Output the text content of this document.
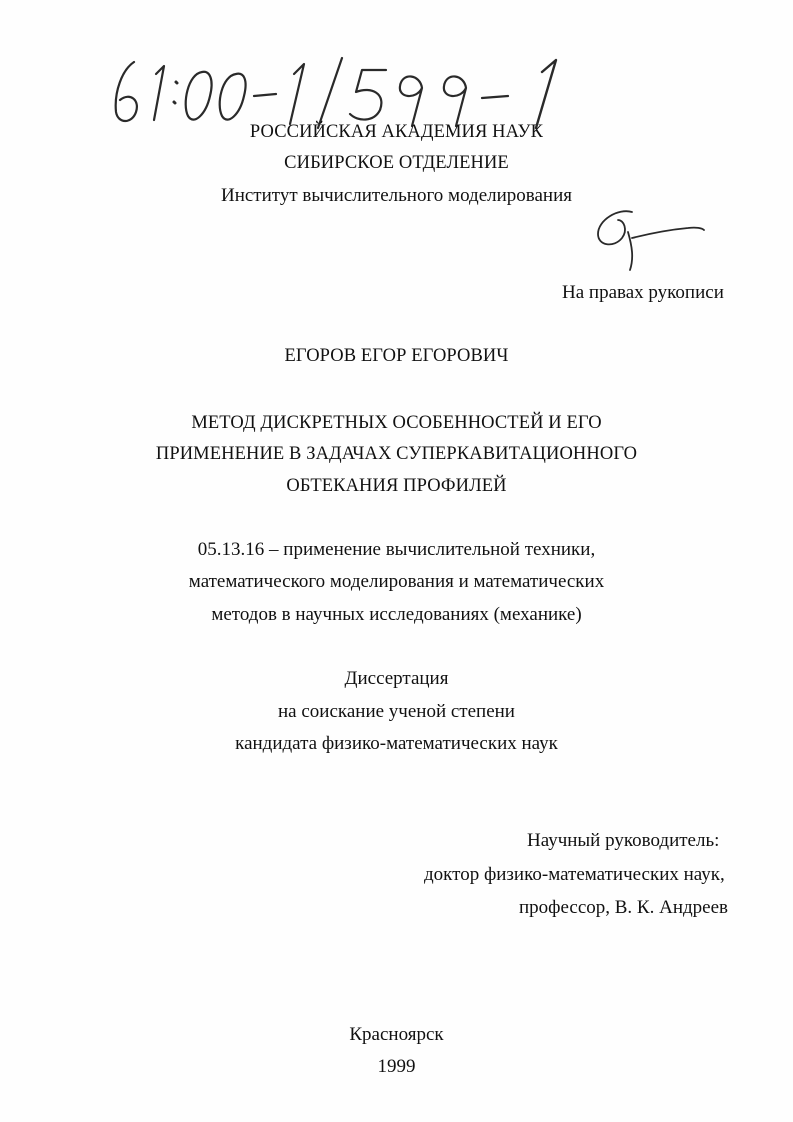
РОССИЙСКАЯ АКАДЕМИЯ НАУК
СИБИРСКОЕ ОТДЕЛЕНИЕ
Институт вычислительного моделирования
На правах рукописи
ЕГОРОВ ЕГОР ЕГОРОВИЧ
МЕТОД ДИСКРЕТНЫХ ОСОБЕННОСТЕЙ И ЕГО
ПРИМЕНЕНИЕ В ЗАДАЧАХ СУПЕРКАВИТАЦИОННОГО
ОБТЕКАНИЯ ПРОФИЛЕЙ
05.13.16 – применение вычислительной техники,
математического моделирования и математических
методов в научных исследованиях (механике)
Диссертация
на соискание ученой степени
кандидата физико-математических наук
Научный руководитель:
доктор физико-математических наук,
профессор, В. К. Андреев
Красноярск
1999
